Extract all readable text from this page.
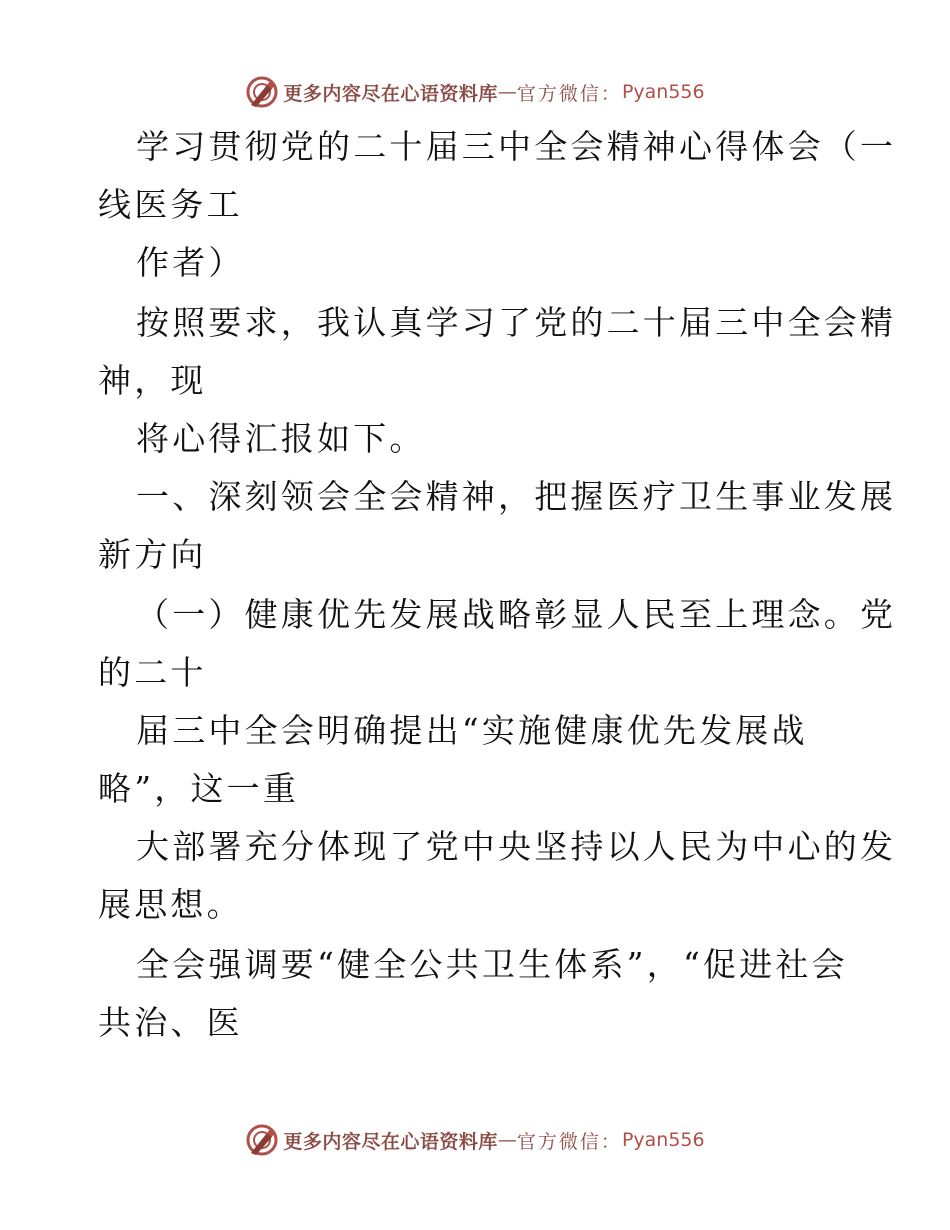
更多内容尽在心语资料库 — 官方微信： Pyan556
学习贯彻党的二十届三中全会精神心得体会（一
线医务工
作者）
按照要求，我认真学习了党的二十届三中全会精
神，现
将心得汇报如下。
一、深刻领会全会精神，把握医疗卫生事业发展
新方向
（一）健康优先发展战略彰显人民至上理念。党
的二十
届三中全会明确提出“实施健康优先发展战
略”，这一重
大部署充分体现了党中央坚持以人民为中心的发
展思想。
全会强调要“健全公共卫生体系”，“促进社会
共治、医
更多内容尽在心语资料库 — 官方微信： Pyan556
